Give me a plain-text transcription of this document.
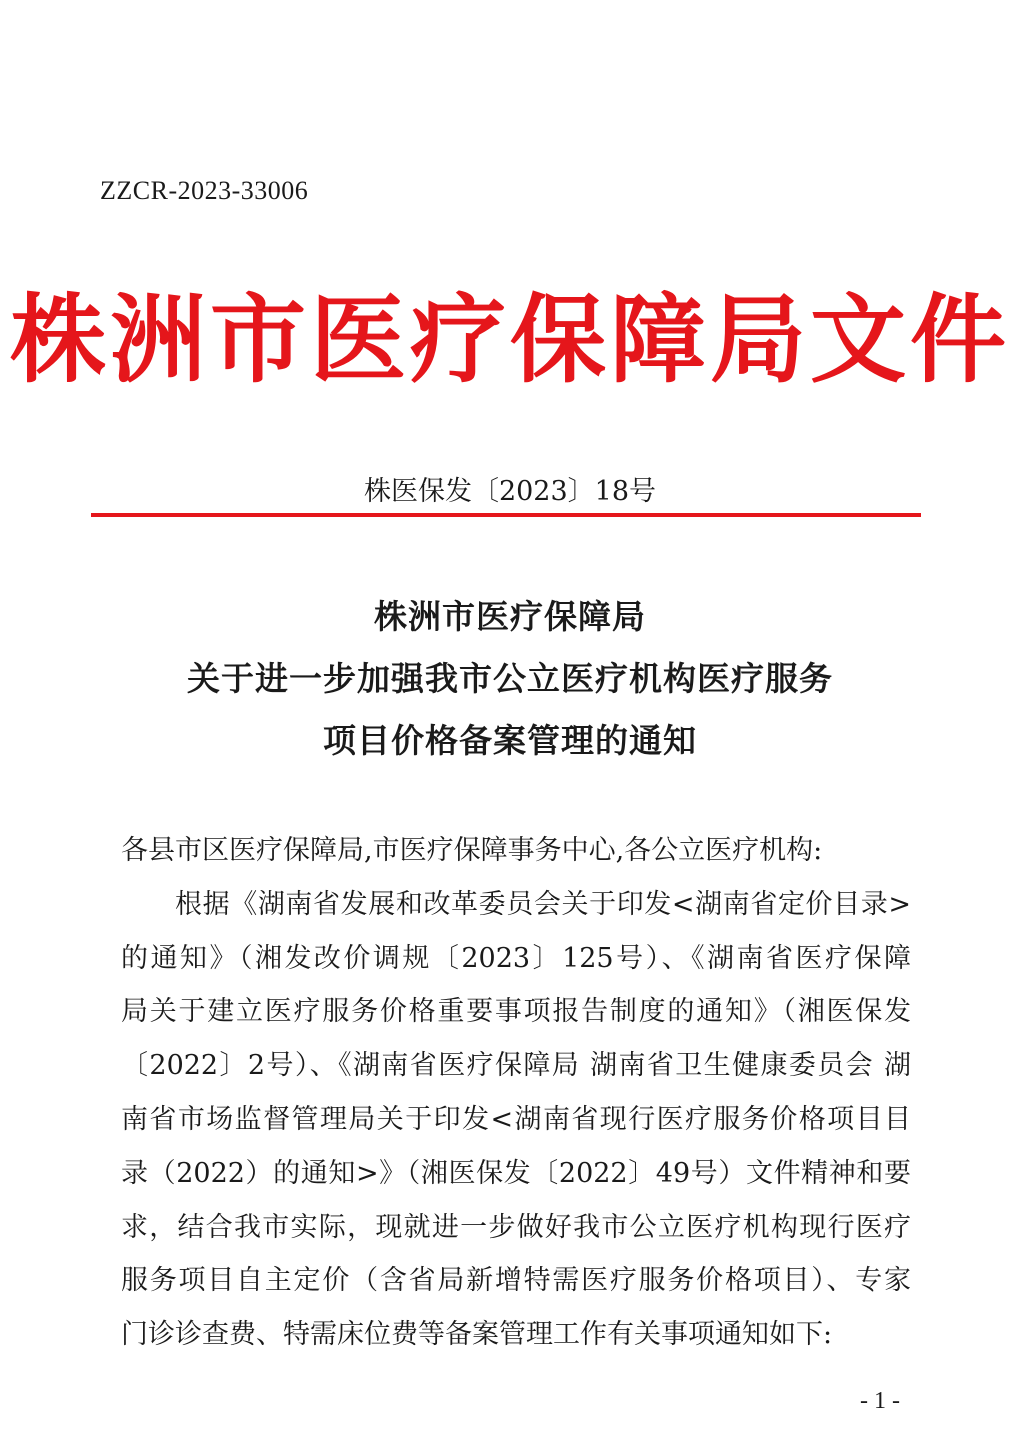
ZZCR-2023-33006
株洲市医疗保障局文件
株医保发〔2023〕18号
株洲市医疗保障局
关于进一步加强我市公立医疗机构医疗服务
项目价格备案管理的通知
各县市区医疗保障局,市医疗保障事务中心,各公立医疗机构:
根据《湖南省发展和改革委员会关于印发<湖南省定价目录>
的通知》（湘发改价调规〔2023〕125号）、《湖南省医疗保障
局关于建立医疗服务价格重要事项报告制度的通知》（湘医保发
〔2022〕2号）、《湖南省医疗保障局 湖南省卫生健康委员会 湖
南省市场监督管理局关于印发<湖南省现行医疗服务价格项目目
录（2022）的通知>》（湘医保发〔2022〕49号）文件精神和要
求，结合我市实际，现就进一步做好我市公立医疗机构现行医疗
服务项目自主定价（含省局新增特需医疗服务价格项目）、专家
门诊诊查费、特需床位费等备案管理工作有关事项通知如下:
- 1 -
